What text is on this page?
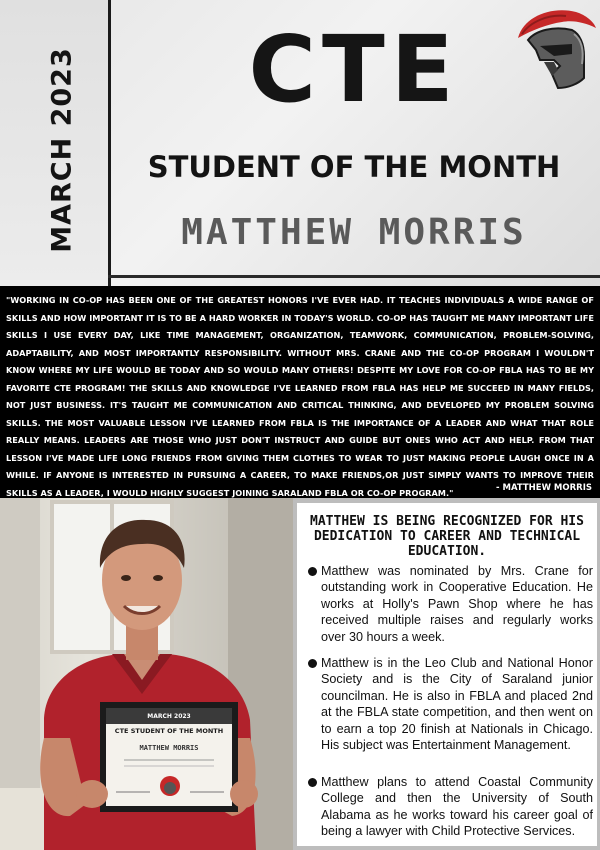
MARCH 2023	CTE
STUDENT OF THE MONTH
MATTHEW MORRIS
"WORKING IN CO-OP HAS BEEN ONE OF THE GREATEST HONORS I'VE EVER HAD. IT TEACHES INDIVIDUALS A WIDE RANGE OF SKILLS AND HOW IMPORTANT IT IS TO BE A HARD WORKER IN TODAY'S WORLD. CO-OP HAS TAUGHT ME MANY IMPORTANT LIFE SKILLS I USE EVERY DAY, LIKE TIME MANAGEMENT, ORGANIZATION, TEAMWORK, COMMUNICATION, PROBLEM-SOLVING, ADAPTABILITY, AND MOST IMPORTANTLY RESPONSIBILITY. WITHOUT MRS. CRANE AND THE CO-OP PROGRAM I WOULDN'T KNOW WHERE MY LIFE WOULD BE TODAY AND SO WOULD MANY OTHERS! DESPITE MY LOVE FOR CO-OP FBLA HAS TO BE MY FAVORITE CTE PROGRAM! THE SKILLS AND KNOWLEDGE I'VE LEARNED FROM FBLA HAS HELP ME SUCCEED IN MANY FIELDS, NOT JUST BUSINESS. IT'S TAUGHT ME COMMUNICATION AND CRITICAL THINKING, AND DEVELOPED MY PROBLEM SOLVING SKILLS. THE MOST VALUABLE LESSON I'VE LEARNED FROM FBLA IS THE IMPORTANCE OF A LEADER AND WHAT THAT ROLE REALLY MEANS. LEADERS ARE THOSE WHO JUST DON'T INSTRUCT AND GUIDE BUT ONES WHO ACT AND HELP. FROM THAT LESSON I'VE MADE LIFE LONG FRIENDS FROM GIVING THEM CLOTHES TO WEAR TO JUST MAKING PEOPLE LAUGH ONCE IN A WHILE. IF ANYONE IS INTERESTED IN PURSUING A CAREER, TO MAKE FRIENDS,OR JUST SIMPLY WANTS TO IMPROVE THEIR SKILLS AS A LEADER, I WOULD HIGHLY SUGGEST JOINING SARALAND FBLA OR CO-OP PROGRAM."	- MATTHEW MORRIS
MARCH 2023
CTE STUDENT OF THE MONTH
MATTHEW MORRIS
MATTHEW IS BEING RECOGNIZED FOR HIS DEDICATION TO CAREER AND TECHNICAL EDUCATION.
Matthew was nominated by Mrs. Crane for outstanding work in Cooperative Education. He works at Holly's Pawn Shop where he has received multiple raises and regularly works over 30 hours a week.
Matthew is in the Leo Club and National Honor Society and is the City of Saraland junior councilman. He is also in FBLA and placed 2nd at the FBLA state competition, and then went on to earn a top 20 finish at Nationals in Chicago. His subject was Entertainment Management.
Matthew plans to attend Coastal Community College and then the University of South Alabama as he works toward his career goal of being a lawyer with Child Protective Services.
